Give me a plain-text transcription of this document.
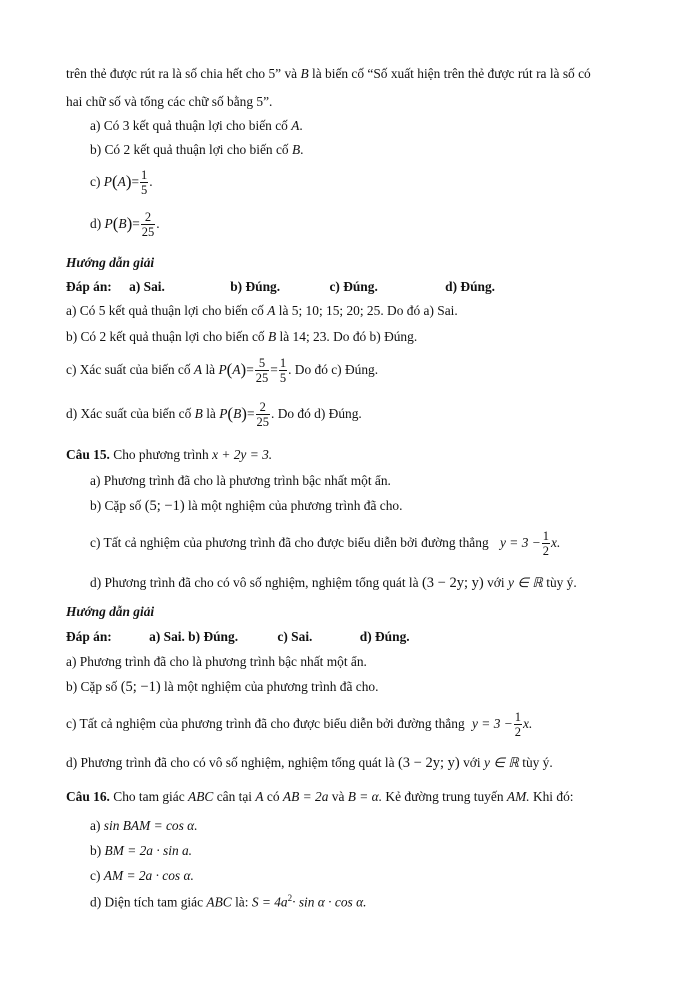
trên thẻ được rút ra là số chia hết cho 5” và B là biến cố “Số xuất hiện trên thẻ được rút ra là số có
hai chữ số và tổng các chữ số bằng 5”.
a) Có 3 kết quả thuận lợi cho biến cố A.
b) Có 2 kết quả thuận lợi cho biến cố B.
c) $P(A)= \frac{1}{5}$ .
d) $P(B)= \frac{2}{25}$ .
Hướng dẫn giải
Đáp án: a) Sai.	b) Đúng.	c) Đúng.	d) Đúng.
a) Có 5 kết quả thuận lợi cho biến cố A là 5; 10; 15; 20; 25. Do đó a) Sai.
b) Có 2 kết quả thuận lợi cho biến cố B là 14; 23. Do đó b) Đúng.
c) Xác suất của biến cố A là $P(A)= \frac{5}{25} = \frac{1}{5}$ . Do đó c) Đúng.
d) Xác suất của biến cố B là $P(B)= \frac{2}{25}$ . Do đó d) Đúng.
Câu 15. Cho phương trình x + 2y = 3.
a) Phương trình đã cho là phương trình bậc nhất một ẩn.
b) Cặp số (5; −1) là một nghiệm của phương trình đã cho.
c) Tất cả nghiệm của phương trình đã cho được biểu diễn bởi đường thẳng $y = 3 - \frac{1}{2} x$.
d) Phương trình đã cho có vô số nghiệm, nghiệm tổng quát là (3 − 2y; y) với y ∈ ℝ tùy ý.
Hướng dẫn giải
Đáp án:	a) Sai. b) Đúng.	c) Sai.	d) Đúng.
a) Phương trình đã cho là phương trình bậc nhất một ẩn.
b) Cặp số (5; −1) là một nghiệm của phương trình đã cho.
c) Tất cả nghiệm của phương trình đã cho được biểu diễn bởi đường thẳng $y = 3 - \frac{1}{2} x$.
d) Phương trình đã cho có vô số nghiệm, nghiệm tổng quát là (3 − 2y; y) với y ∈ ℝ tùy ý.
Câu 16. Cho tam giác ABC cân tại A có AB = 2a và B = α. Kẻ đường trung tuyến AM. Khi đó:
a) sin BAM = cos α.
b) BM = 2a · sin a.
c) AM = 2a · cos α.
d) Diện tích tam giác ABC là: $S = 4a^2\cdot \sin \alpha \cdot \cos \alpha$.
